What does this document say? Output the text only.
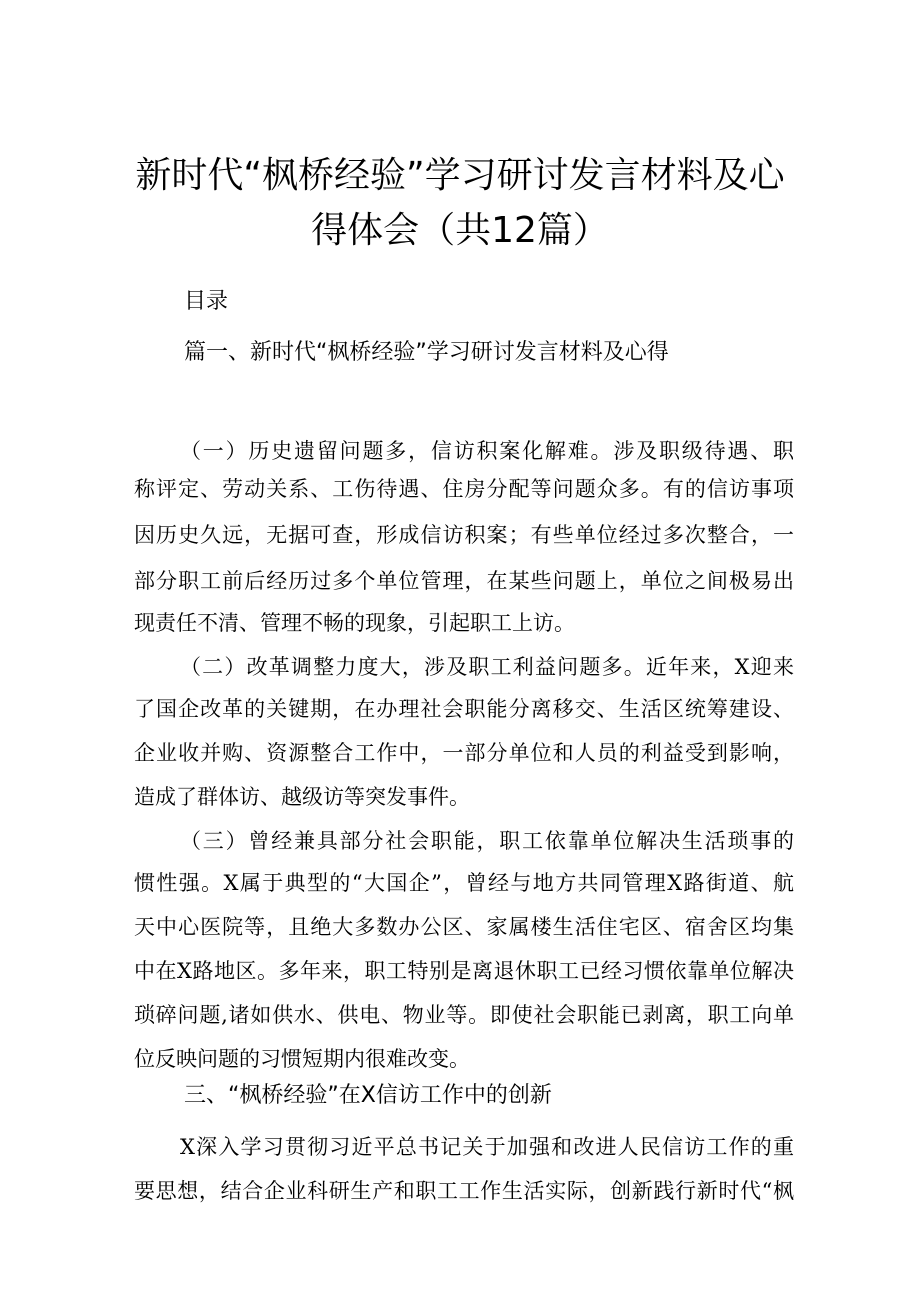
新时代“枫桥经验”学习研讨发言材料及心
得体会（共12篇）
目录
篇一、新时代“枫桥经验”学习研讨发言材料及心得
（一）历史遗留问题多，信访积案化解难。涉及职级待遇、职
称评定、劳动关系、工伤待遇、住房分配等问题众多。有的信访事项
因历史久远，无据可查，形成信访积案；有些单位经过多次整合，一
部分职工前后经历过多个单位管理，在某些问题上，单位之间极易出
现责任不清、管理不畅的现象，引起职工上访。
（二）改革调整力度大，涉及职工利益问题多。近年来，X迎来
了国企改革的关键期，在办理社会职能分离移交、生活区统筹建设、
企业收并购、资源整合工作中，一部分单位和人员的利益受到影响，
造成了群体访、越级访等突发事件。
（三）曾经兼具部分社会职能，职工依靠单位解决生活琐事的
惯性强。X属于典型的“大国企”，曾经与地方共同管理X路街道、航
天中心医院等，且绝大多数办公区、家属楼生活住宅区、宿舍区均集
中在X路地区。多年来，职工特别是离退休职工已经习惯依靠单位解决
琐碎问题,诸如供水、供电、物业等。即使社会职能已剥离，职工向单
位反映问题的习惯短期内很难改变。
三、“枫桥经验”在X信访工作中的创新
X深入学习贯彻习近平总书记关于加强和改进人民信访工作的重
要思想，结合企业科研生产和职工工作生活实际，创新践行新时代“枫
